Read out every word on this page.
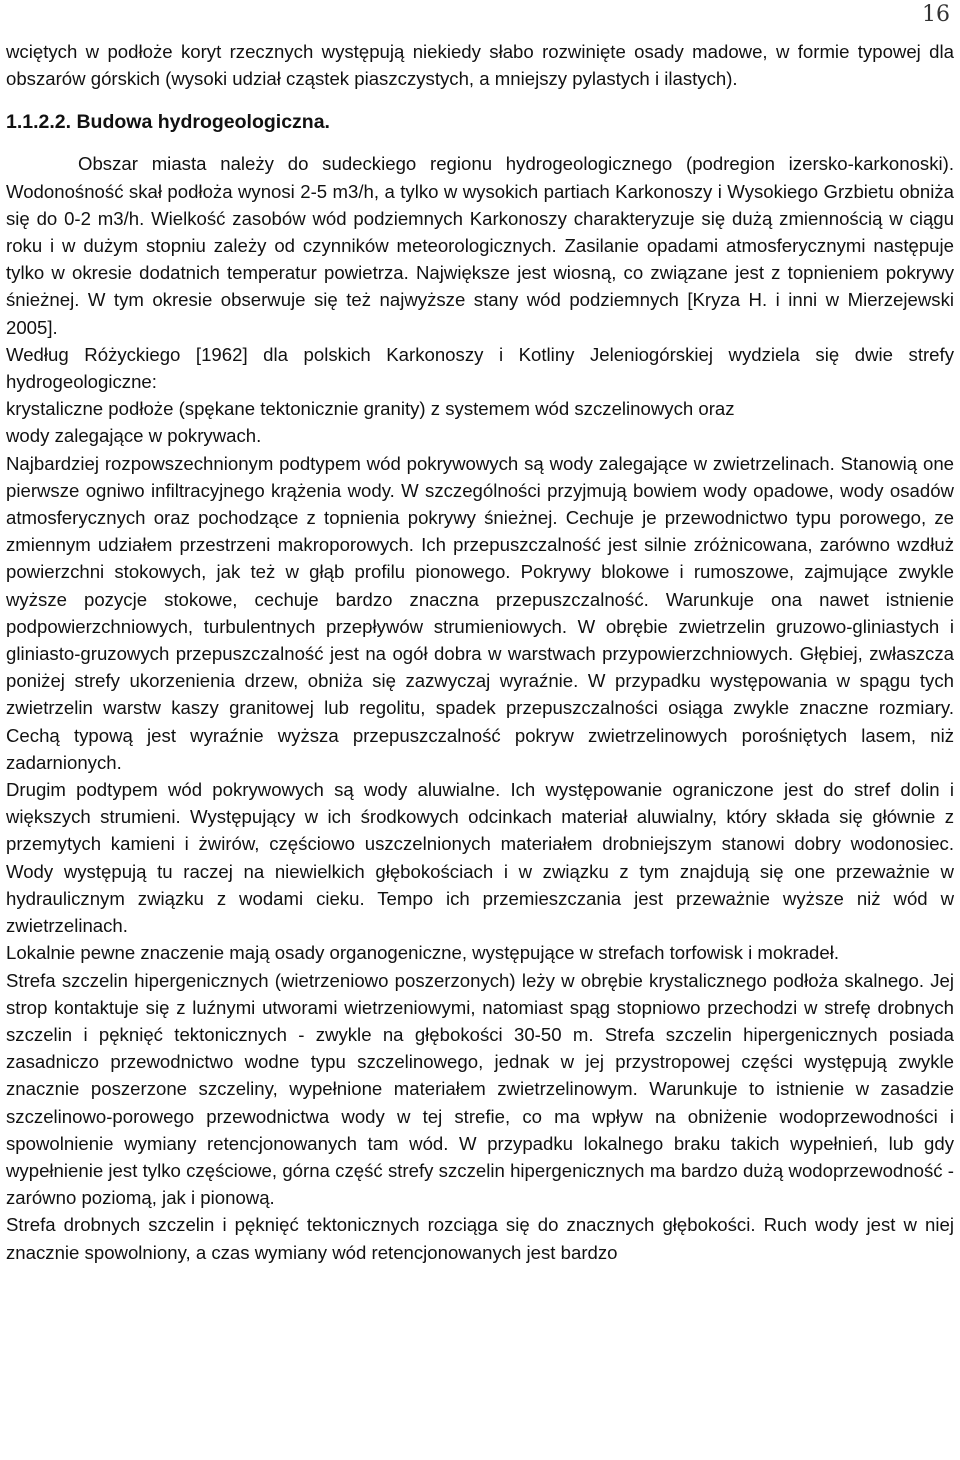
16

wciętych w podłoże koryt rzecznych występują niekiedy słabo rozwinięte osady madowe, w formie typowej dla obszarów górskich (wysoki udział cząstek piaszczystych, a mniejszy pylastych i ilastych).

1.1.2.2. Budowa hydrogeologiczna.

Obszar miasta należy do sudeckiego regionu hydrogeologicznego (podregion izersko-karkonoski). Wodonośność skał podłoża wynosi 2-5 m3/h, a tylko w wysokich partiach Karkonoszy i Wysokiego Grzbietu obniża się do 0-2 m3/h. Wielkość zasobów wód podziemnych Karkonoszy charakteryzuje się dużą zmiennością w ciągu roku i w dużym stopniu zależy od czynników meteorologicznych. Zasilanie opadami atmosferycznymi następuje tylko w okresie dodatnich temperatur powietrza. Największe jest wiosną, co związane jest z topnieniem pokrywy śnieżnej. W tym okresie obserwuje się też najwyższe stany wód podziemnych [Kryza H. i inni w Mierzejewski 2005].

Według Różyckiego [1962] dla polskich Karkonoszy i Kotliny Jeleniogórskiej wydziela się dwie strefy hydrogeologiczne:

krystaliczne podłoże (spękane tektonicznie granity) z systemem wód szczelinowych oraz

wody zalegające w pokrywach.

Najbardziej rozpowszechnionym podtypem wód pokrywowych są wody zalegające w zwietrzelinach. Stanowią one pierwsze ogniwo infiltracyjnego krążenia wody. W szczególności przyjmują bowiem wody opadowe, wody osadów atmosferycznych oraz pochodzące z topnienia pokrywy śnieżnej. Cechuje je przewodnictwo typu porowego, ze zmiennym udziałem przestrzeni makroporowych. Ich przepuszczalność jest silnie zróżnicowana, zarówno wzdłuż powierzchni stokowych, jak też w głąb profilu pionowego. Pokrywy blokowe i rumoszowe, zajmujące zwykle wyższe pozycje stokowe, cechuje bardzo znaczna przepuszczalność. Warunkuje ona nawet istnienie podpowierzchniowych, turbulentnych przepływów strumieniowych. W obrębie zwietrzelin gruzowo-gliniastych i gliniasto-gruzowych przepuszczalność jest na ogół dobra w warstwach przypowierzchniowych. Głębiej, zwłaszcza poniżej strefy ukorzenienia drzew, obniża się zazwyczaj wyraźnie. W przypadku występowania w spągu tych zwietrzelin warstw kaszy granitowej lub regolitu, spadek przepuszczalności osiąga zwykle znaczne rozmiary. Cechą typową jest wyraźnie wyższa przepuszczalność pokryw zwietrzelinowych porośniętych lasem, niż zadarnionych.

Drugim podtypem wód pokrywowych są wody aluwialne. Ich występowanie ograniczone jest do stref dolin i większych strumieni. Występujący w ich środkowych odcinkach materiał aluwialny, który składa się głównie z przemytych kamieni i żwirów, częściowo uszczelnionych materiałem drobniejszym stanowi dobry wodonosiec. Wody występują tu raczej na niewielkich głębokościach i w związku z tym znajdują się one przeważnie w hydraulicznym związku z wodami cieku. Tempo ich przemieszczania jest przeważnie wyższe niż wód w zwietrzelinach.

Lokalnie pewne znaczenie mają osady organogeniczne, występujące w strefach torfowisk i mokradeł.

Strefa szczelin hipergenicznych (wietrzeniowo poszerzonych) leży w obrębie krystalicznego podłoża skalnego. Jej strop kontaktuje się z luźnymi utworami wietrzeniowymi, natomiast spąg stopniowo przechodzi w strefę drobnych szczelin i pęknięć tektonicznych - zwykle na głębokości 30-50 m. Strefa szczelin hipergenicznych posiada zasadniczo przewodnictwo wodne typu szczelinowego, jednak w jej przystropowej części występują zwykle znacznie poszerzone szczeliny, wypełnione materiałem zwietrzelinowym. Warunkuje to istnienie w zasadzie szczelinowo-porowego przewodnictwa wody w tej strefie, co ma wpływ na obniżenie wodoprzewodności i spowolnienie wymiany retencjonowanych tam wód. W przypadku lokalnego braku takich wypełnień, lub gdy wypełnienie jest tylko częściowe, górna część strefy szczelin hipergenicznych ma bardzo dużą wodoprzewodność - zarówno poziomą, jak i pionową.

Strefa drobnych szczelin i pęknięć tektonicznych rozciąga się do znacznych głębokości. Ruch wody jest w niej znacznie spowolniony, a czas wymiany wód retencjonowanych jest bardzo
